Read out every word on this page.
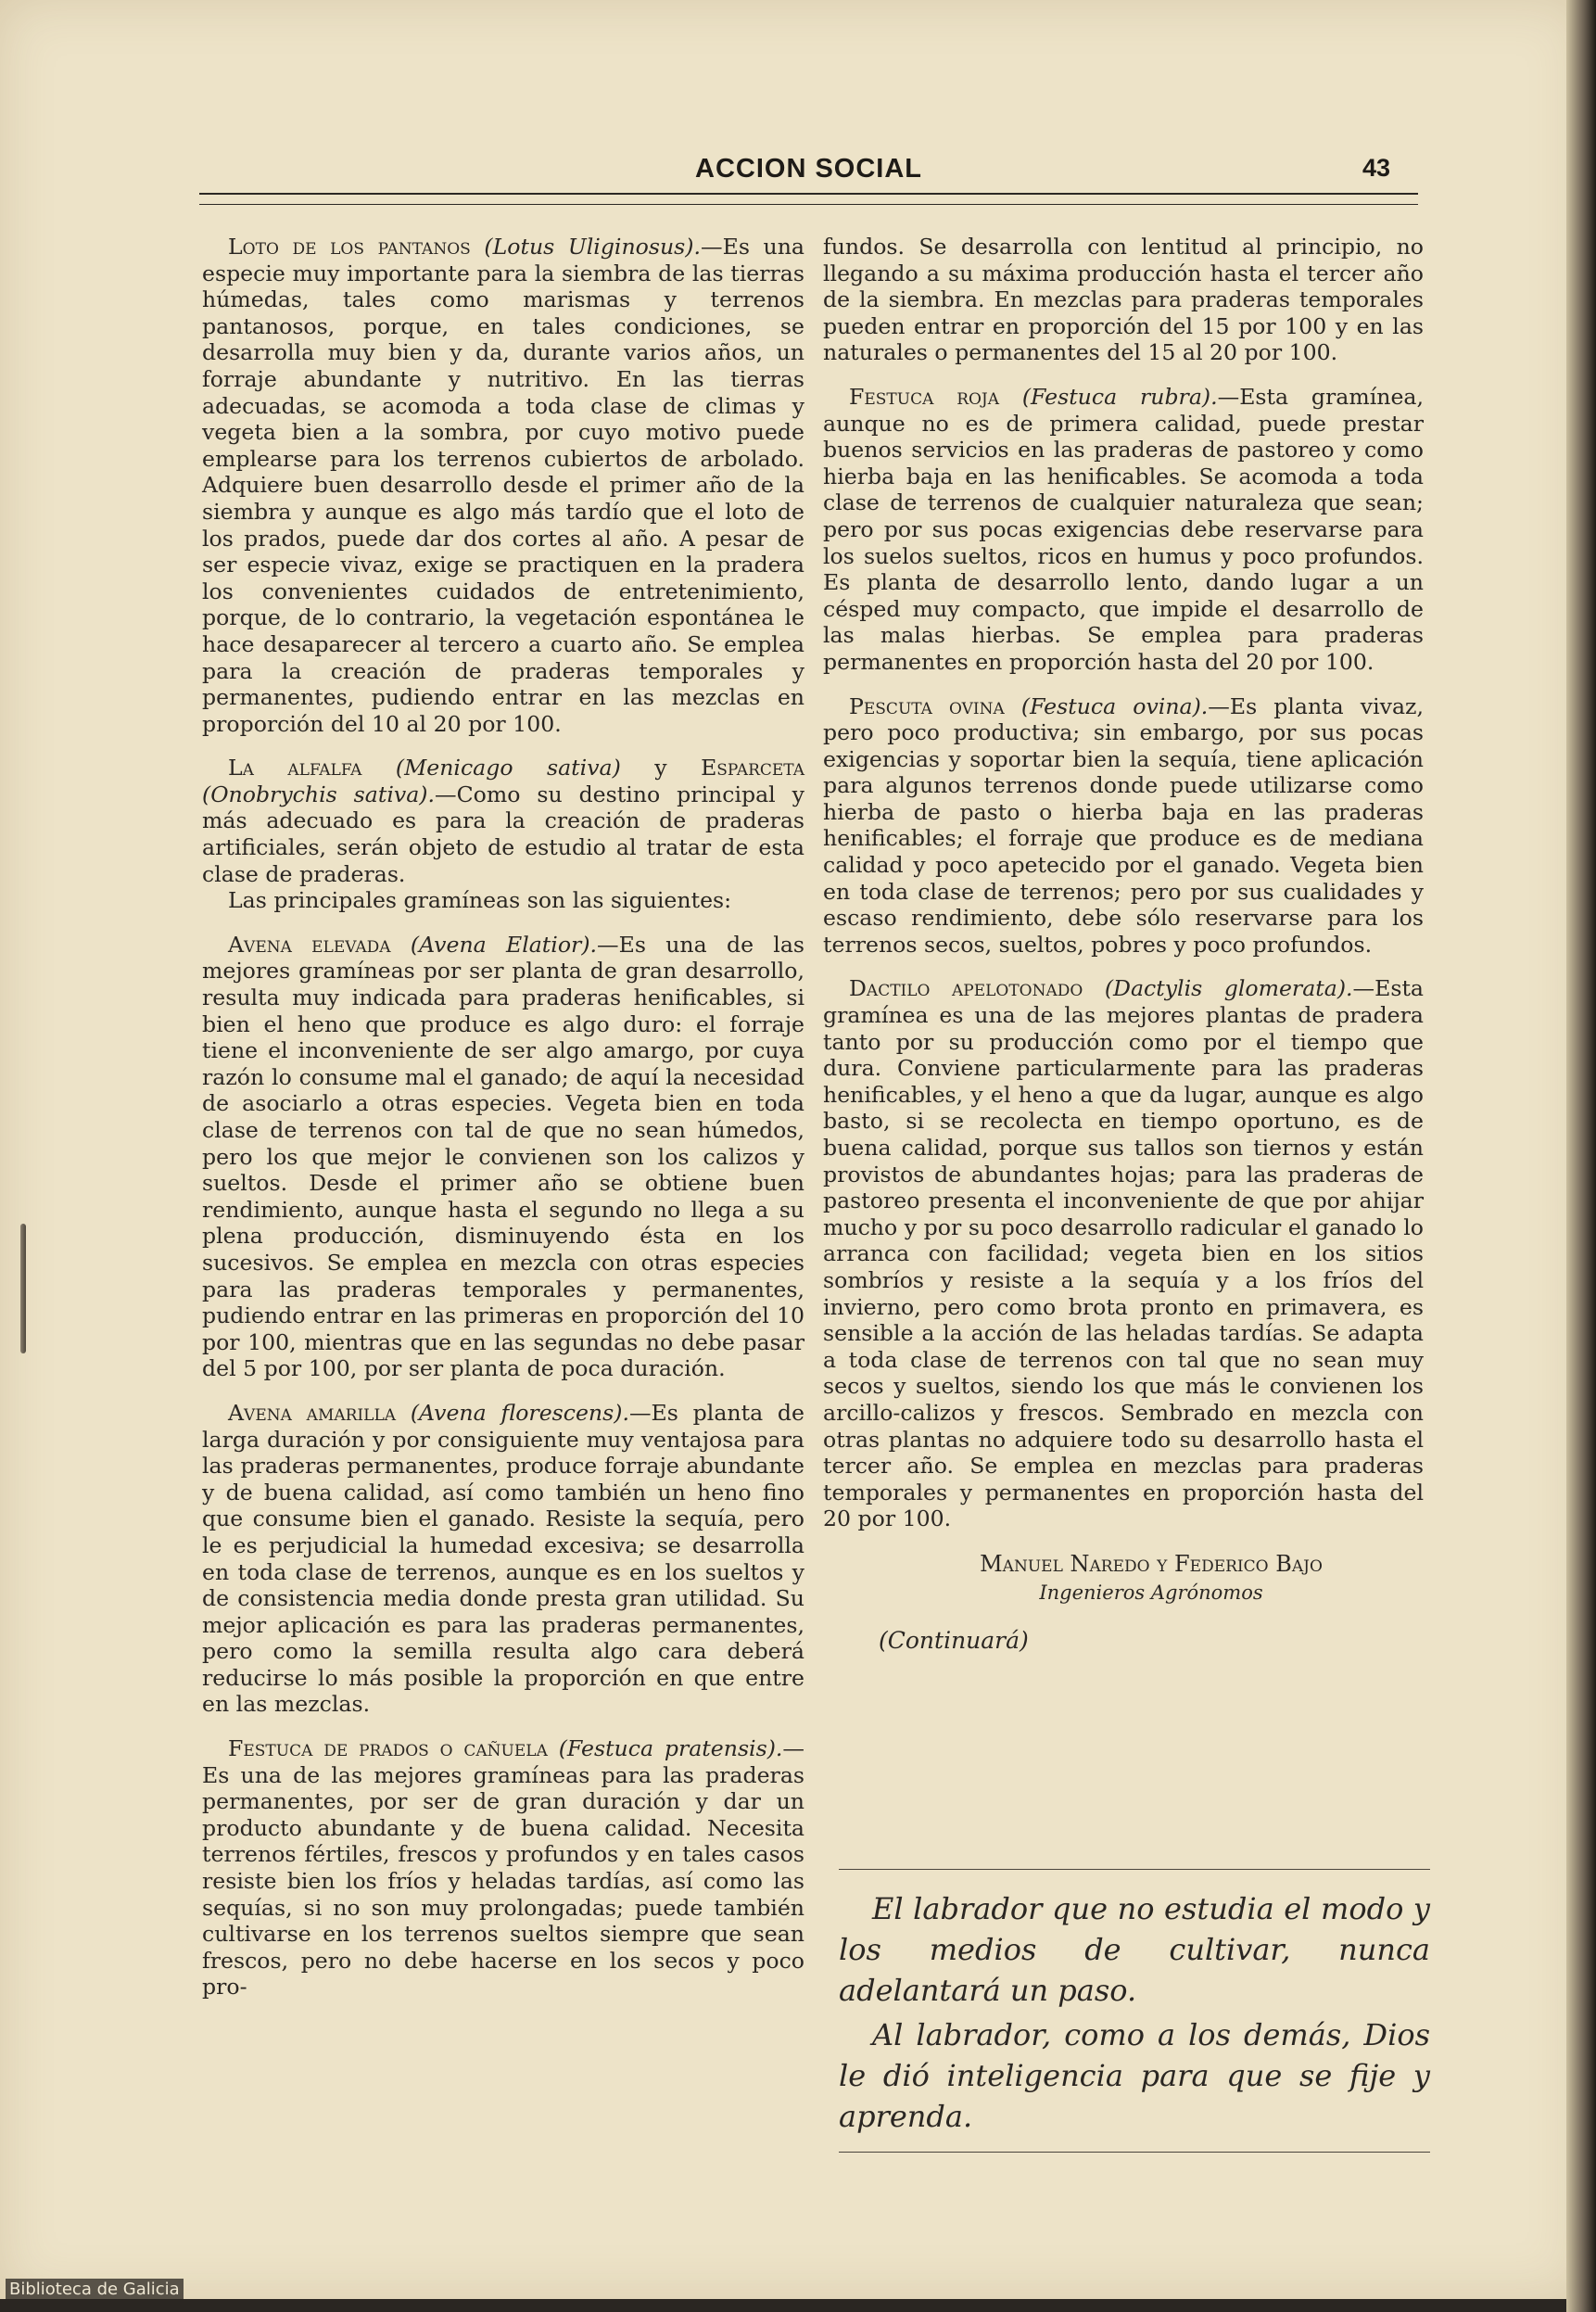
ACCION SOCIAL	43

Loto de los pantanos (Lotus Uliginosus).—Es una especie muy importante para la siembra de las tierras húmedas, tales como marismas y terrenos pantanosos, porque, en tales condiciones, se desarrolla muy bien y da, durante varios años, un forraje abundante y nutritivo. En las tierras adecuadas, se acomoda a toda clase de climas y vegeta bien a la sombra, por cuyo motivo puede emplearse para los terrenos cubiertos de arbolado. Adquiere buen desarrollo desde el primer año de la siembra y aunque es algo más tardío que el loto de los prados, puede dar dos cortes al año. A pesar de ser especie vivaz, exige se practiquen en la pradera los convenientes cuidados de entretenimiento, porque, de lo contrario, la vegetación espontánea le hace desaparecer al tercero a cuarto año. Se emplea para la creación de praderas temporales y permanentes, pudiendo entrar en las mezclas en proporción del 10 al 20 por 100.

La alfalfa (Menicago sativa) y Esparceta (Onobrychis sativa).—Como su destino principal y más adecuado es para la creación de praderas artificiales, serán objeto de estudio al tratar de esta clase de praderas.

Las principales gramíneas son las siguientes:

Avena elevada (Avena Elatior).—Es una de las mejores gramíneas por ser planta de gran desarrollo, resulta muy indicada para praderas henificables, si bien el heno que produce es algo duro: el forraje tiene el inconveniente de ser algo amargo, por cuya razón lo consume mal el ganado; de aquí la necesidad de asociarlo a otras especies. Vegeta bien en toda clase de terrenos con tal de que no sean húmedos, pero los que mejor le convienen son los calizos y sueltos. Desde el primer año se obtiene buen rendimiento, aunque hasta el segundo no llega a su plena producción, disminuyendo ésta en los sucesivos. Se emplea en mezcla con otras especies para las praderas temporales y permanentes, pudiendo entrar en las primeras en proporción del 10 por 100, mientras que en las segundas no debe pasar del 5 por 100, por ser planta de poca duración.

Avena amarilla (Avena florescens).—Es planta de larga duración y por consiguiente muy ventajosa para las praderas permanentes, produce forraje abundante y de buena calidad, así como también un heno fino que consume bien el ganado. Resiste la sequía, pero le es perjudicial la humedad excesiva; se desarrolla en toda clase de terrenos, aunque es en los sueltos y de consistencia media donde presta gran utilidad. Su mejor aplicación es para las praderas permanentes, pero como la semilla resulta algo cara deberá reducirse lo más posible la proporción en que entre en las mezclas.

Festuca de prados o cañuela (Festuca pratensis).—Es una de las mejores gramíneas para las praderas permanentes, por ser de gran duración y dar un producto abundante y de buena calidad. Necesita terrenos fértiles, frescos y profundos y en tales casos resiste bien los fríos y heladas tardías, así como las sequías, si no son muy prolongadas; puede también cultivarse en los terrenos sueltos siempre que sean frescos, pero no debe hacerse en los secos y poco pro-

fundos. Se desarrolla con lentitud al principio, no llegando a su máxima producción hasta el tercer año de la siembra. En mezclas para praderas temporales pueden entrar en proporción del 15 por 100 y en las naturales o permanentes del 15 al 20 por 100.

Festuca roja (Festuca rubra).—Esta gramínea, aunque no es de primera calidad, puede prestar buenos servicios en las praderas de pastoreo y como hierba baja en las henificables. Se acomoda a toda clase de terrenos de cualquier naturaleza que sean; pero por sus pocas exigencias debe reservarse para los suelos sueltos, ricos en humus y poco profundos. Es planta de desarrollo lento, dando lugar a un césped muy compacto, que impide el desarrollo de las malas hierbas. Se emplea para praderas permanentes en proporción hasta del 20 por 100.

Pescuta ovina (Festuca ovina).—Es planta vivaz, pero poco productiva; sin embargo, por sus pocas exigencias y soportar bien la sequía, tiene aplicación para algunos terrenos donde puede utilizarse como hierba de pasto o hierba baja en las praderas henificables; el forraje que produce es de mediana calidad y poco apetecido por el ganado. Vegeta bien en toda clase de terrenos; pero por sus cualidades y escaso rendimiento, debe sólo reservarse para los terrenos secos, sueltos, pobres y poco profundos.

Dactilo apelotonado (Dactylis glomerata).—Esta gramínea es una de las mejores plantas de pradera tanto por su producción como por el tiempo que dura. Conviene particularmente para las praderas henificables, y el heno a que da lugar, aunque es algo basto, si se recolecta en tiempo oportuno, es de buena calidad, porque sus tallos son tiernos y están provistos de abundantes hojas; para las praderas de pastoreo presenta el inconveniente de que por ahijar mucho y por su poco desarrollo radicular el ganado lo arranca con facilidad; vegeta bien en los sitios sombríos y resiste a la sequía y a los fríos del invierno, pero como brota pronto en primavera, es sensible a la acción de las heladas tardías. Se adapta a toda clase de terrenos con tal que no sean muy secos y sueltos, siendo los que más le convienen los arcillo-calizos y frescos. Sembrado en mezcla con otras plantas no adquiere todo su desarrollo hasta el tercer año. Se emplea en mezclas para praderas temporales y permanentes en proporción hasta del 20 por 100.

Manuel Naredo y Federico Bajo

Ingenieros Agrónomos

(Continuará)

El labrador que no estudia el modo y los medios de cultivar, nunca adelantará un paso.

Al labrador, como a los demás, Dios le dió inteligencia para que se fije y aprenda.

Biblioteca de Galicia
